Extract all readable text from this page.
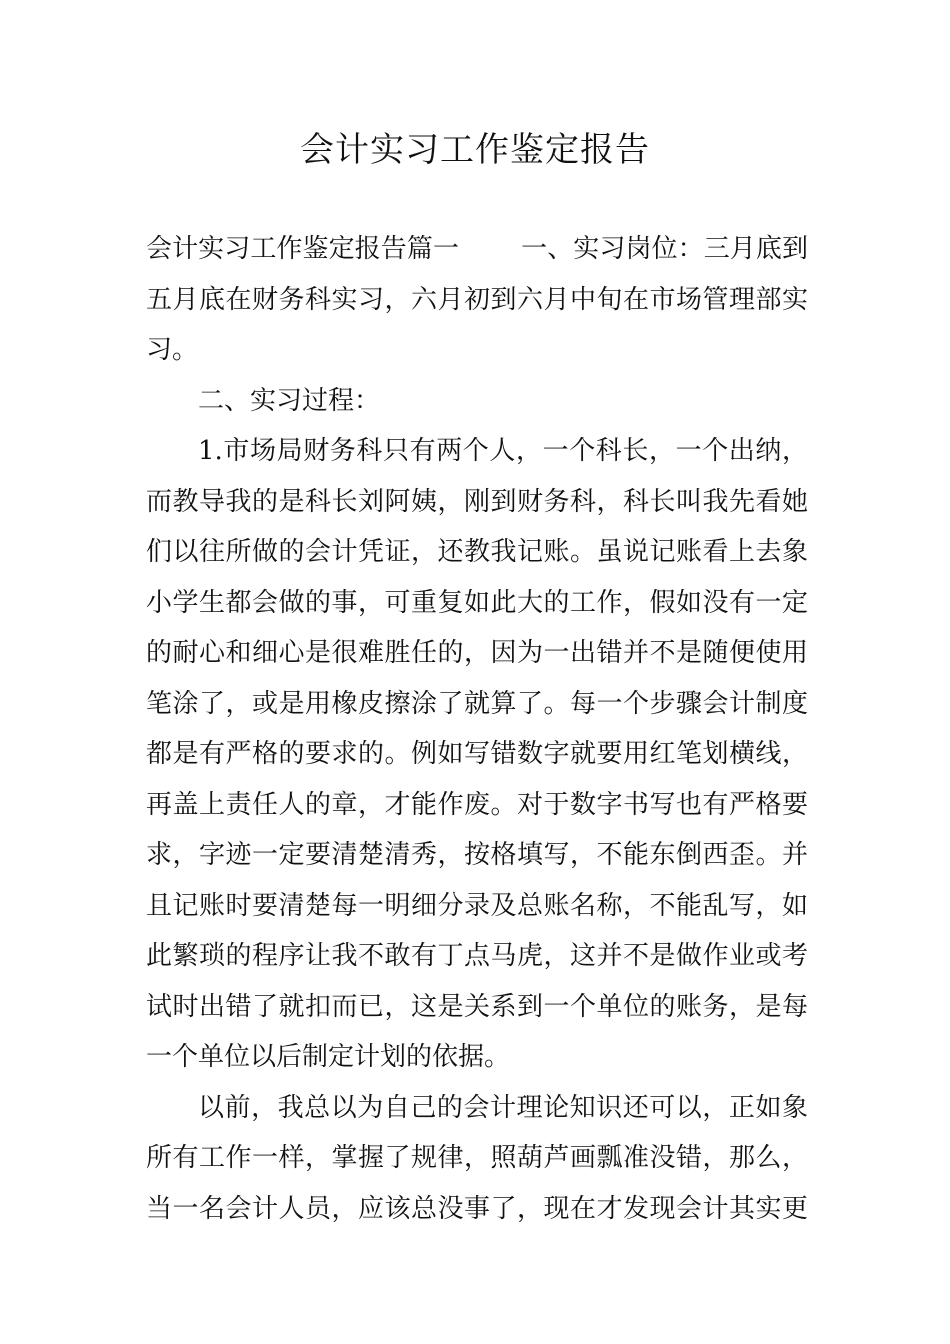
会计实习工作鉴定报告
会计实习工作鉴定报告篇一 一、实习岗位：三月底到
五月底在财务科实习，六月初到六月中旬在市场管理部实
习。
二、实习过程：
1.市场局财务科只有两个人，一个科长，一个出纳，
而教导我的是科长刘阿姨，刚到财务科，科长叫我先看她
们以往所做的会计凭证，还教我记账。虽说记账看上去象
小学生都会做的事，可重复如此大的工作，假如没有一定
的耐心和细心是很难胜任的，因为一出错并不是随便使用
笔涂了，或是用橡皮擦涂了就算了。每一个步骤会计制度
都是有严格的要求的。例如写错数字就要用红笔划横线，
再盖上责任人的章，才能作废。对于数字书写也有严格要
求，字迹一定要清楚清秀，按格填写，不能东倒西歪。并
且记账时要清楚每一明细分录及总账名称，不能乱写，如
此繁琐的程序让我不敢有丁点马虎，这并不是做作业或考
试时出错了就扣而已，这是关系到一个单位的账务，是每
一个单位以后制定计划的依据。
以前，我总以为自己的会计理论知识还可以，正如象
所有工作一样，掌握了规律，照葫芦画瓢准没错，那么，
当一名会计人员，应该总没事了，现在才发现会计其实更
